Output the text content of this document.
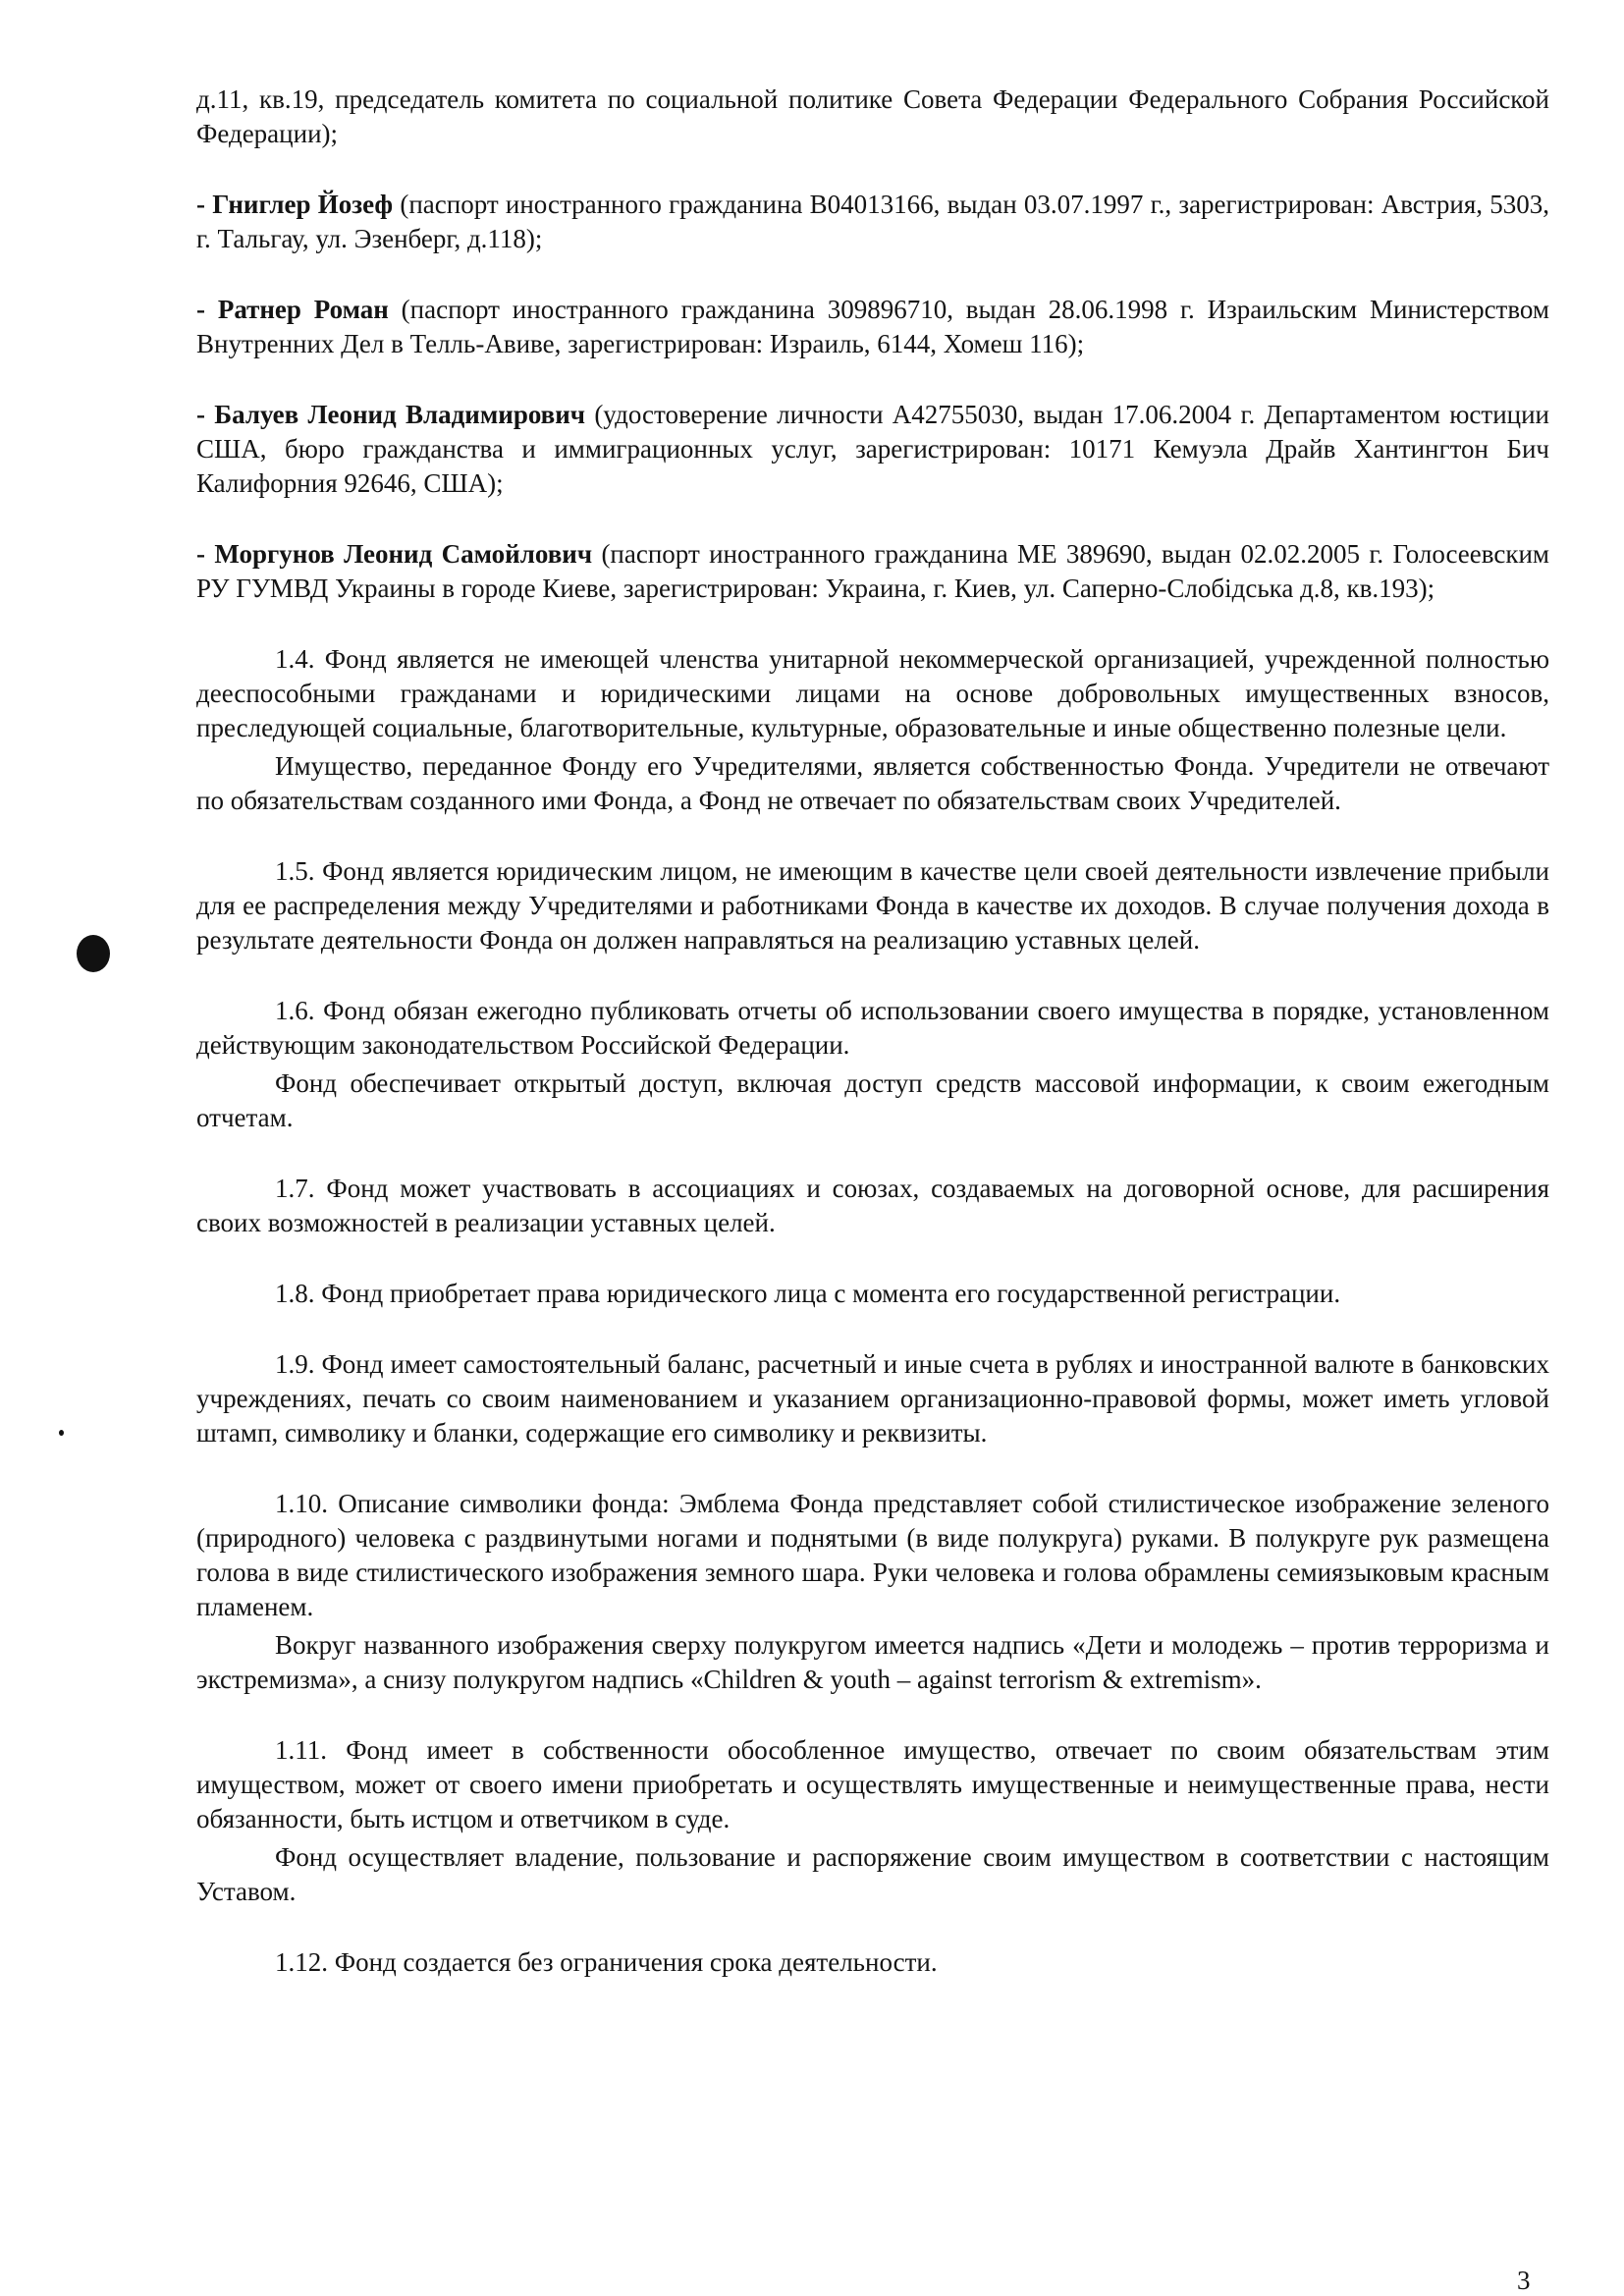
д.11, кв.19, председатель комитета по социальной политике Совета Федерации Федерального Собрания Российской Федерации);

- Гниглер Йозеф (паспорт иностранного гражданина В04013166, выдан 03.07.1997 г., зарегистрирован: Австрия, 5303, г. Тальгау, ул. Эзенберг, д.118);

- Ратнер Роман (паспорт иностранного гражданина 309896710, выдан 28.06.1998 г. Израильским Министерством Внутренних Дел в Телль-Авиве, зарегистрирован: Израиль, 6144, Хомеш 116);

- Балуев Леонид Владимирович (удостоверение личности А42755030, выдан 17.06.2004 г. Департаментом юстиции США, бюро гражданства и иммиграционных услуг, зарегистрирован: 10171 Кемуэла Драйв Хантингтон Бич Калифорния 92646, США);

- Моргунов Леонид Самойлович (паспорт иностранного гражданина МЕ 389690, выдан 02.02.2005 г. Голосеевским РУ ГУМВД Украины в городе Киеве, зарегистрирован: Украина, г. Киев, ул. Саперно-Слобідська д.8, кв.193);

1.4. Фонд является не имеющей членства унитарной некоммерческой организацией, учрежденной полностью дееспособными гражданами и юридическими лицами на основе добровольных имущественных взносов, преследующей социальные, благотворительные, культурные, образовательные и иные общественно полезные цели.

Имущество, переданное Фонду его Учредителями, является собственностью Фонда. Учредители не отвечают по обязательствам созданного ими Фонда, а Фонд не отвечает по обязательствам своих Учредителей.

1.5. Фонд является юридическим лицом, не имеющим в качестве цели своей деятельности извлечение прибыли для ее распределения между Учредителями и работниками Фонда в качестве их доходов. В случае получения дохода в результате деятельности Фонда он должен направляться на реализацию уставных целей.

1.6. Фонд обязан ежегодно публиковать отчеты об использовании своего имущества в порядке, установленном действующим законодательством Российской Федерации.

Фонд обеспечивает открытый доступ, включая доступ средств массовой информации, к своим ежегодным отчетам.

1.7. Фонд может участвовать в ассоциациях и союзах, создаваемых на договорной основе, для расширения своих возможностей в реализации уставных целей.

1.8. Фонд приобретает права юридического лица с момента его государственной регистрации.

1.9. Фонд имеет самостоятельный баланс, расчетный и иные счета в рублях и иностранной валюте в банковских учреждениях, печать со своим наименованием и указанием организационно-правовой формы, может иметь угловой штамп, символику и бланки, содержащие его символику и реквизиты.

1.10. Описание символики фонда: Эмблема Фонда представляет собой стилистическое изображение зеленого (природного) человека с раздвинутыми ногами и поднятыми (в виде полукруга) руками. В полукруге рук размещена голова в виде стилистического изображения земного шара. Руки человека и голова обрамлены семиязыковым красным пламенем.

Вокруг названного изображения сверху полукругом имеется надпись «Дети и молодежь – против терроризма и экстремизма», а снизу полукругом надпись «Children & youth – against terrorism & extremism».

1.11. Фонд имеет в собственности обособленное имущество, отвечает по своим обязательствам этим имуществом, может от своего имени приобретать и осуществлять имущественные и неимущественные права, нести обязанности, быть истцом и ответчиком в суде.

Фонд осуществляет владение, пользование и распоряжение своим имуществом в соответствии с настоящим Уставом.

1.12. Фонд создается без ограничения срока деятельности.

3
